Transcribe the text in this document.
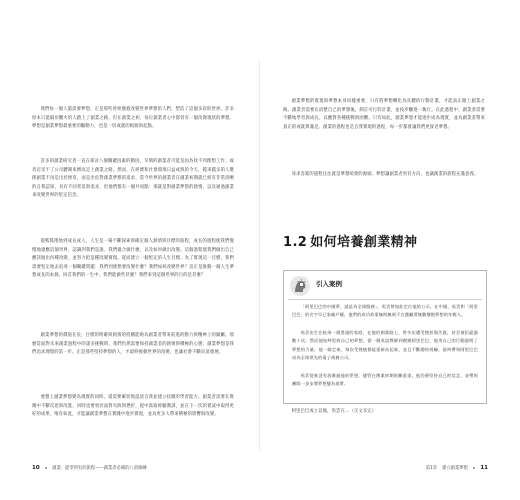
我們每一個人都需要夢想，正是那些曾經懷抱改變世界夢想的人們，塑造了這個多彩的世界。許多原本只能隔岸觀火的人踏上了創業之路，但在創業之初，每位創業者心中都曾有一個改變現狀的夢想。夢想是創業夢想最重要的驅動力，也是一切成就的根源與起點。

許多的創業研究者一直在探討八個關鍵因素的動因，早期的創業者可能是因為找不到理想工作、或者忍受不了公司體制束縛而走上創業之路，然而，在經濟和社會環境日益成熟的今天，越來越多的人選擇創業不再是出於無奈，而是出於對創業夢想的追求，當今世界的創業者在創業初期就已經有非常清晰的自我認知，具有不同背景與追求，但他們都有一個共同點：那就是對創業夢想的熱情，以及通過創業來改變世界的堅定信念。

從呱呱墜地到成長成人，人生是一場不斷探索與確定個人熱情與目標的旅程，成長的過程使我們慢慢地適應這個世界，認識到我們是誰、我們適合做什麼、以及如何做出改變。這個過程使我們做出自己應該做出何種改變、並努力把這種改變實現。從而建立一個堅定的人生目標。為了實現這一目標，我們需要堅定地去追尋一個關鍵問題：我們到底想要改變什麼？我們如何改變世界？這正是推動一個人生夢想成長的本源。回首我們的一生中，我們能做些甚麼？我們來到這個世界的目的是甚麼？

創業夢想的價值在於，目標的明確與熱情的持續能夠為創業者帶來前進的動力與精神上的歸屬。那麼當面對未來創業過程中的諸多挑戰時，我們仍然需要保持創業者的熱情與積極的心態；創業夢想是我們追求理想的第一步。正是那些堅持夢想的人，才最終推動世界的改變，也讓社會不斷向前發展。

要想上創業夢想變為現實的同時，還需要確切地認清自我並建立持續的學習能力。創業者需要在實踐中不斷反思與改進，同時也要勇於面對失敗與挫折，從中汲取經驗教訓，並在下一次的嘗試中取得更好的成果，唯有如此，才能讓創業夢想在實踐中逐步實現，並為更多人帶來積極的影響與改變。

10	創業：從零到有的旅程——創業者必備的八項修練

創業夢想的實現與夢想本身同樣重要，只有將夢想轉化為具體的行動計畫，才能真正踏上創業之路。創業者需要在清楚自己的夢想後，制訂可行的計畫，並按步驟逐一執行。在此過程中，創業者需要不斷地學習與成長，以應對各種挑戰與困難。只有如此，創業夢想才能逐步成為現實，並為創業者帶來真正的成就與滿足。創業的過程也是自我實現的過程，每一步都會讓我們更接近夢想。

尋求答案的過程往往就是夢想萌發的源頭，夢想讓創業者更有方向，也讓創業的旅程充滿意義。

1.2 如何培養創業精神
引入案例

「阿里巴巴的中國夢，就是為全球服務」。馬雲曾如此定位他的公司。在中國，馬雲和「阿里巴巴」的名字早已家喻戶曉，他們的成功故事無時無刻不在激勵著無數懷抱夢想的年輕人。

馬雲出生在杭州一個普通的家庭，在他的創業路上，曾多次遭受挫折與失敗，甚至被拒絕過數十次。然而他始終堅持自己的夢想，從一個英語教師到創辦阿里巴巴，他用自己的行動證明了夢想的力量。他一路走來，每次受挫後都能重新站起來，並且不斷總結經驗，最終帶領阿里巴巴成為全球領先的電子商務公司。

馬雲從來沒有放棄過他的夢想，儘管在創業初期困難重重，他仍舊堅持自己的信念，並帶領團隊一步步將夢想變為現實。

阿里巴巴成立以後，馬雲在...（正文未完）

第1章 建立創業夢想 11
